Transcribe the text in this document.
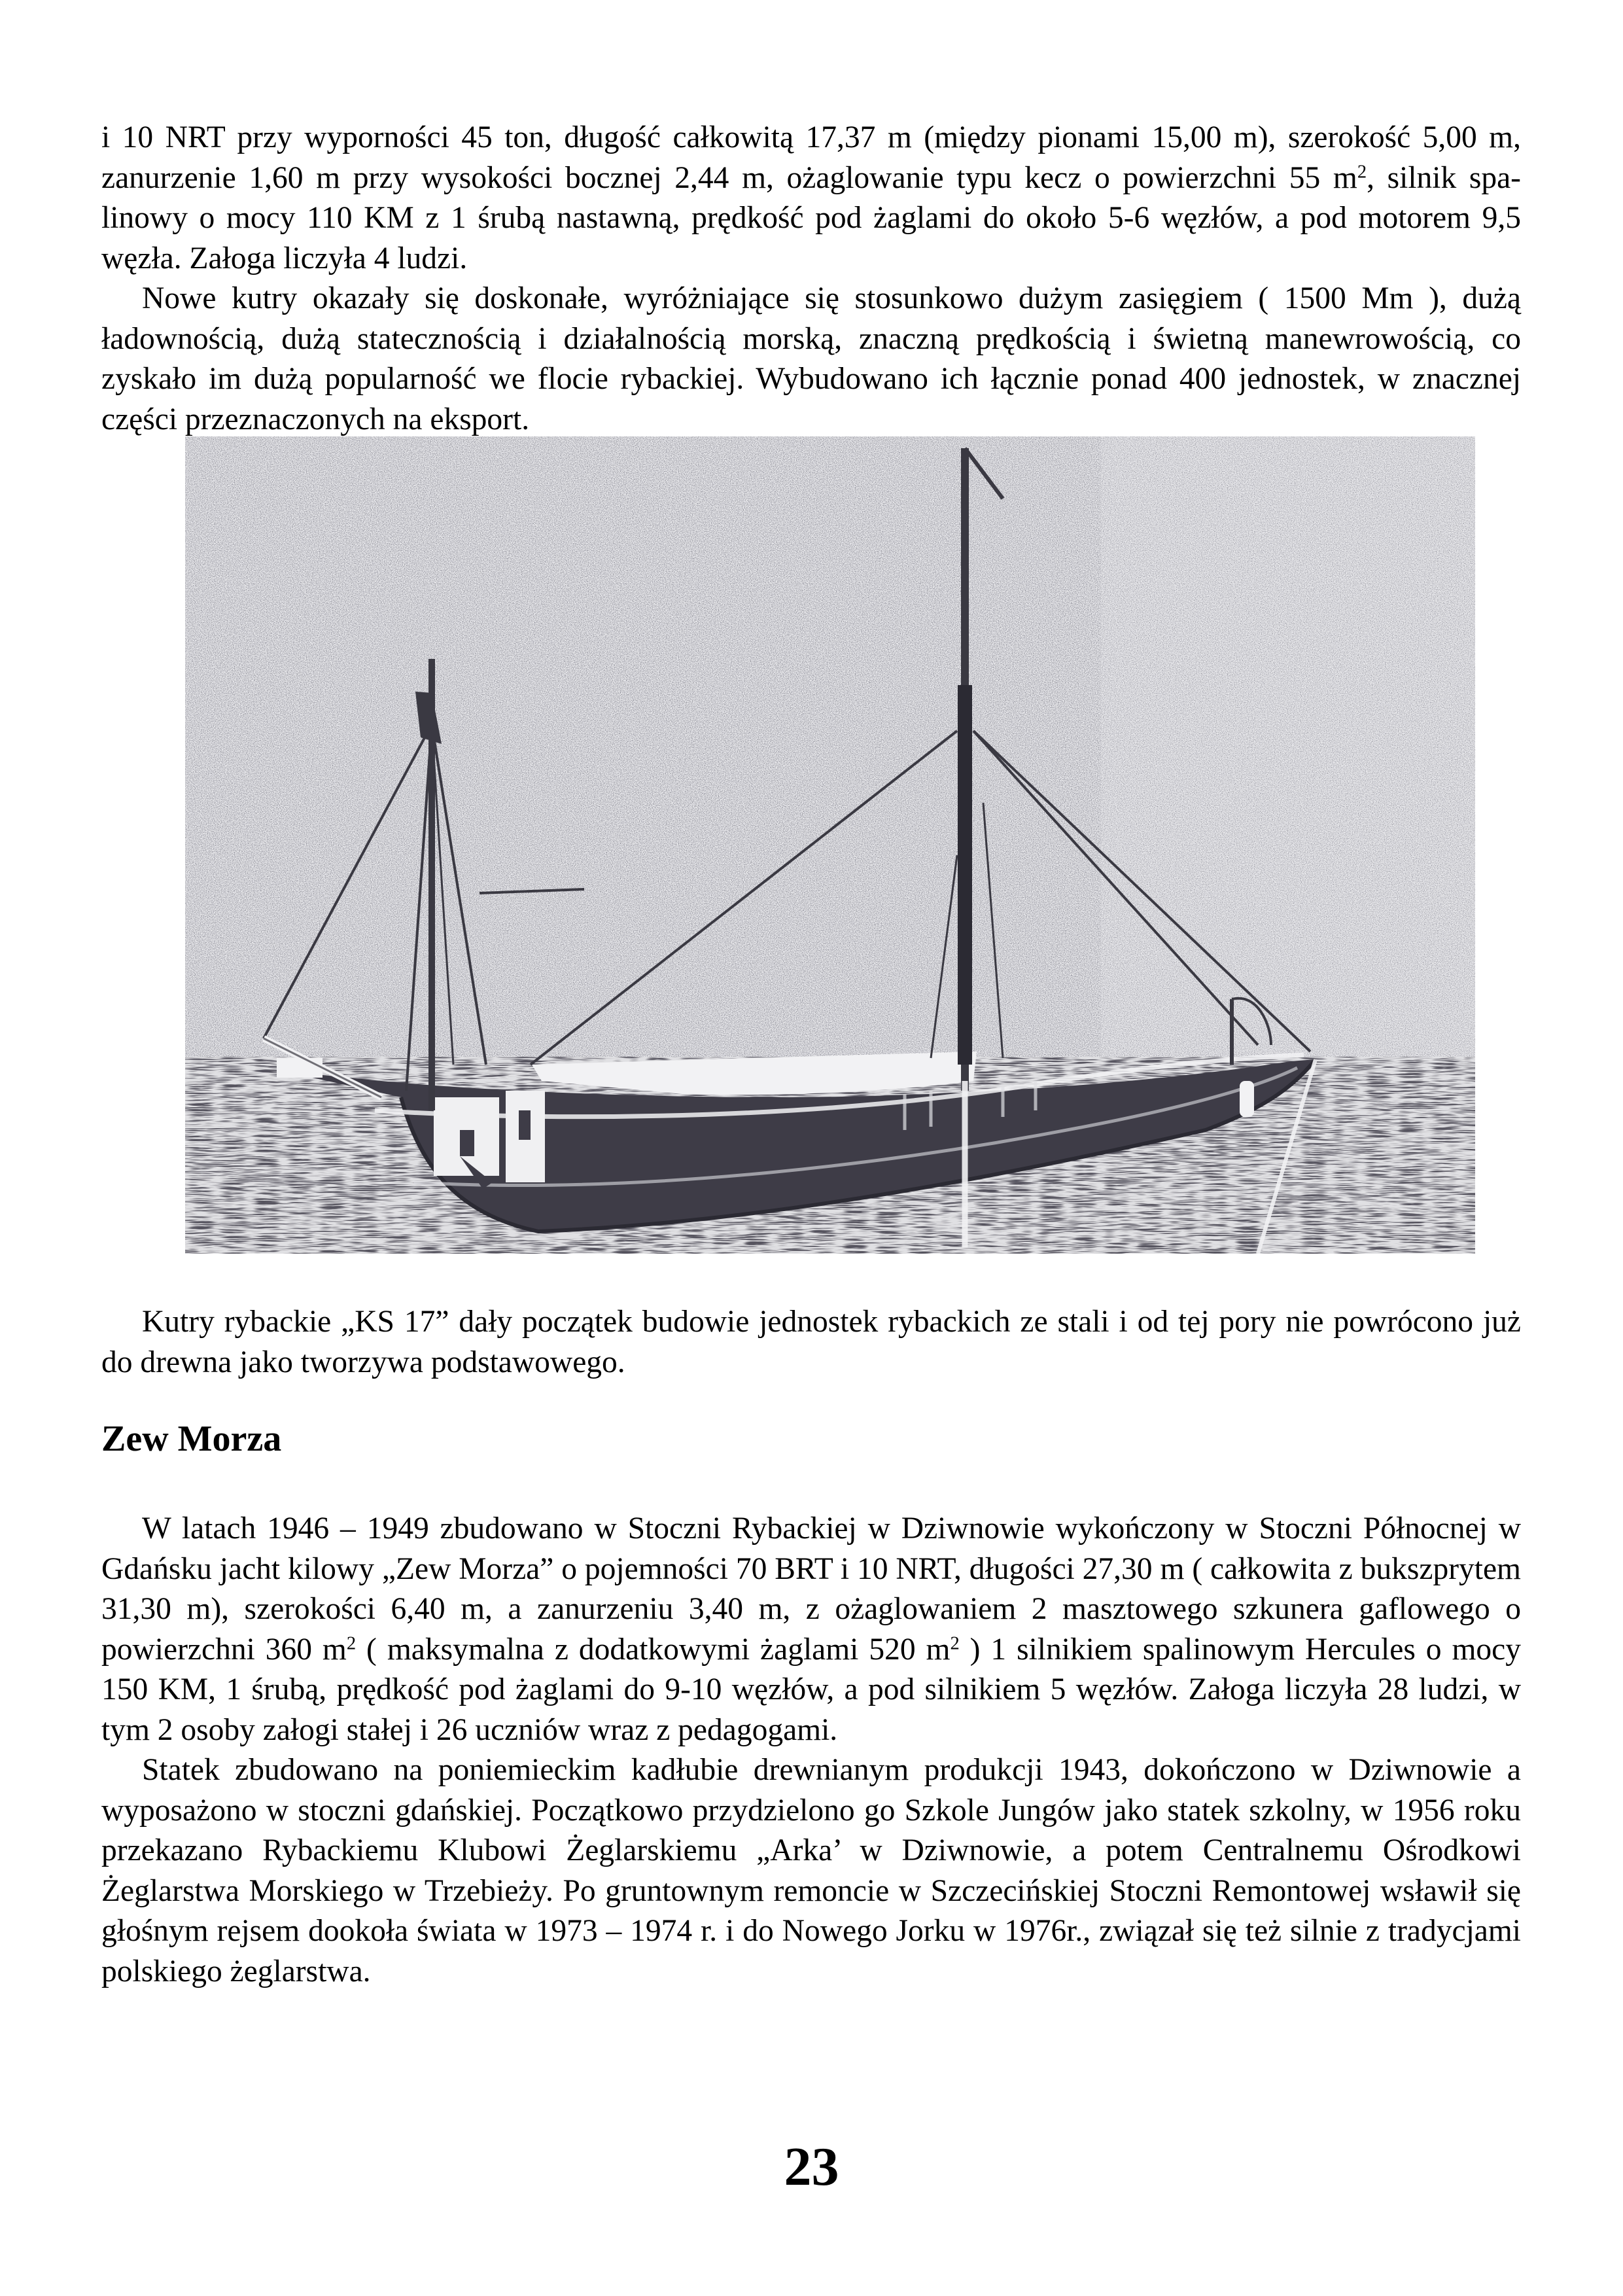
i 10 NRT przy wyporności 45 ton, długość całkowitą 17,37 m (między pionami 15,00 m), szerokość 5,00 m, zanurzenie 1,60 m przy wysokości bocznej 2,44 m, ożaglowanie typu kecz o powierzchni 55 $m^2$, silnik spa-linowy o mocy 110 KM z 1 śrubą nastawną, prędkość pod żaglami do około 5-6 węzłów, a pod motorem 9,5 węzła. Załoga liczyła 4 ludzi.

Nowe kutry okazały się doskonałe, wyróżniające się stosunkowo dużym zasięgiem ( 1500 Mm ), dużą ładownością, dużą statecznością i działalnością morską, znaczną prędkością i świetną manewrowością, co zyskało im dużą popularność we flocie rybackiej. Wybudowano ich łącznie ponad 400 jednostek, w znacznej części przeznaczonych na eksport.

Kutry rybackie „KS 17” dały początek budowie jednostek rybackich ze stali i od tej pory nie powrócono już do drewna jako tworzywa podstawowego.

Zew Morza

W latach 1946 – 1949 zbudowano w Stoczni Rybackiej w Dziwnowie wykończony w Stoczni Północnej w Gdańsku jacht kilowy „Zew Morza” o pojemności 70 BRT i 10 NRT, długości 27,30 m ( całkowita z bukszprytem 31,30 m), szerokości 6,40 m, a zanurzeniu 3,40 m, z ożaglowaniem 2 masztowego szkunera gaflowego o powierzchni 360 $m^2$ ( maksymalna z dodatkowymi żaglami 520 $m^2$ ) 1 silnikiem spalinowym Hercules o mocy 150 KM, 1 śrubą, prędkość pod żaglami do 9-10 węzłów, a pod silnikiem 5 węzłów. Załoga liczyła 28 ludzi, w tym 2 osoby załogi stałej i 26 uczniów wraz z pedagogami.

Statek zbudowano na poniemieckim kadłubie drewnianym produkcji 1943, dokończono w Dziwnowie a wyposażono w stoczni gdańskiej. Początkowo przydzielono go Szkole Jungów jako statek szkolny, w 1956 roku przekazano Rybackiemu Klubowi Żeglarskiemu „Arka’ w Dziwnowie, a potem Centralnemu Ośrodkowi Żeglarstwa Morskiego w Trzebieży. Po gruntownym remoncie w Szczecińskiej Stoczni Remontowej wsławił się głośnym rejsem dookoła świata w 1973 – 1974 r. i do Nowego Jorku w 1976r., związał się też silnie z tradycjami polskiego żeglarstwa.

23
